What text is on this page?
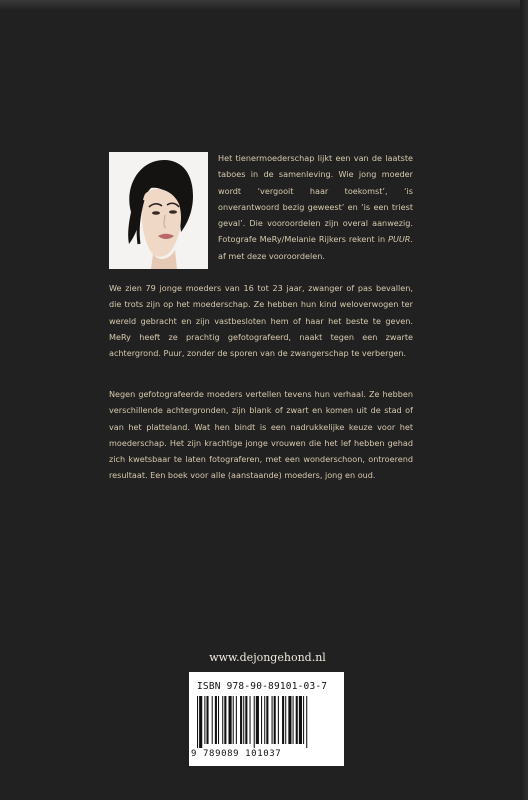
Het tienermoederschap lijkt een van de laatste taboes in de samenleving. Wie jong moeder wordt ‘vergooit haar toekomst’, ‘is onverantwoord bezig geweest’ en ‘is een triest geval’. Die vooroordelen zijn overal aanwezig. Fotografe MeRy/Melanie Rijkers rekent in PUUR. af met deze vooroordelen.

We zien 79 jonge moeders van 16 tot 23 jaar, zwanger of pas bevallen, die trots zijn op het moederschap. Ze hebben hun kind weloverwogen ter wereld gebracht en zijn vastbesloten hem of haar het beste te geven. MeRy heeft ze prachtig gefotografeerd, naakt tegen een zwarte achtergrond. Puur, zonder de sporen van de zwangerschap te verbergen.

Negen gefotografeerde moeders vertellen tevens hun verhaal. Ze hebben verschillende achtergronden, zijn blank of zwart en komen uit de stad of van het platteland. Wat hen bindt is een nadrukkelijke keuze voor het moederschap. Het zijn krachtige jonge vrouwen die het lef hebben gehad zich kwetsbaar te laten fotograferen, met een wonderschoon, ontroerend resultaat. Een boek voor alle (aanstaande) moeders, jong en oud.

www.dejongehond.nl
ISBN 978-90-89101-03-7
9 789089 101037
